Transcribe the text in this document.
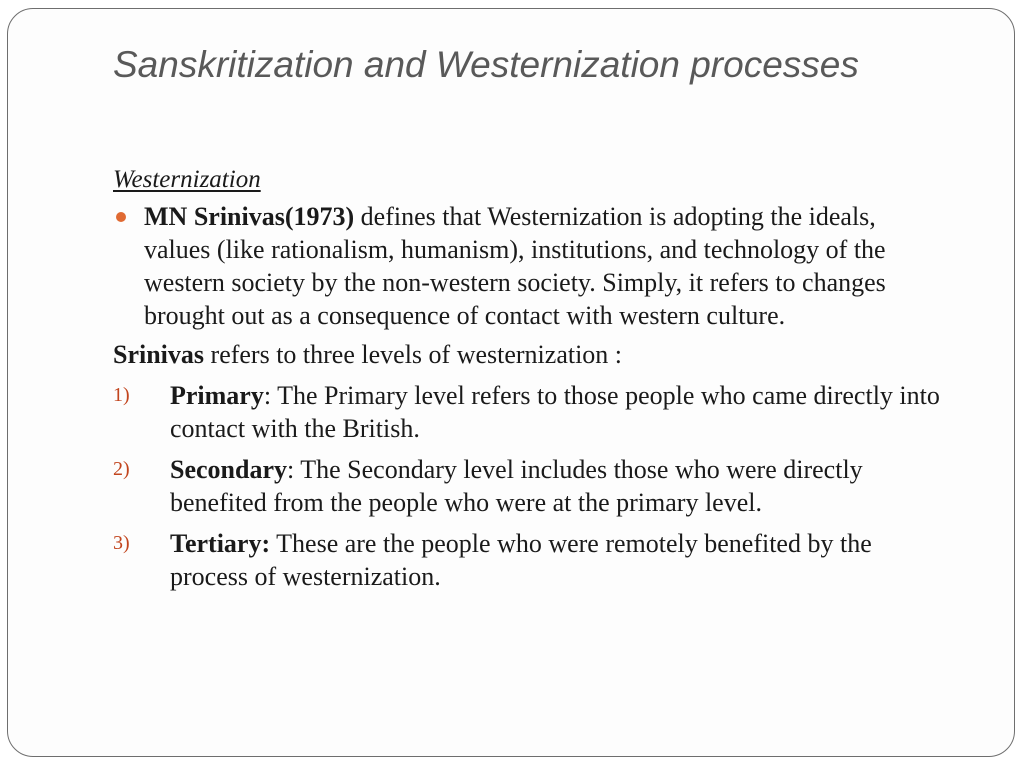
Sanskritization and Westernization processes
Westernization
MN Srinivas(1973) defines that Westernization is adopting the ideals, values (like rationalism, humanism), institutions, and technology of the western society by the non-western society. Simply, it refers to changes brought out as a consequence of contact with western culture.
Srinivas refers to three levels of westernization :
1) Primary: The Primary level refers to those people who came directly into contact with the British.
2) Secondary: The Secondary level includes those who were directly benefited from the people who were at the primary level.
3) Tertiary: These are the people who were remotely benefited by the process of westernization.
